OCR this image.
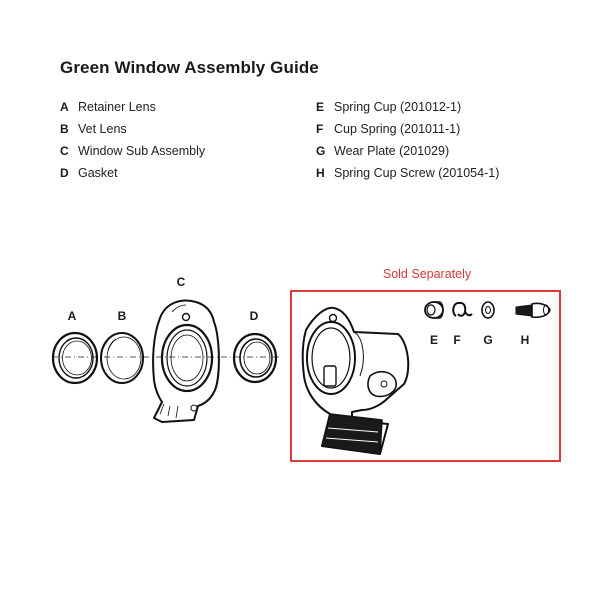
Green Window Assembly Guide
A Retainer Lens
B Vet Lens
C Window Sub Assembly
D Gasket
E Spring Cup (201012-1)
F Cup Spring (201011-1)
G Wear Plate (201029)
H Spring Cup Screw (201054-1)
A	B
C
D
E	F	G	H
Sold Separately
